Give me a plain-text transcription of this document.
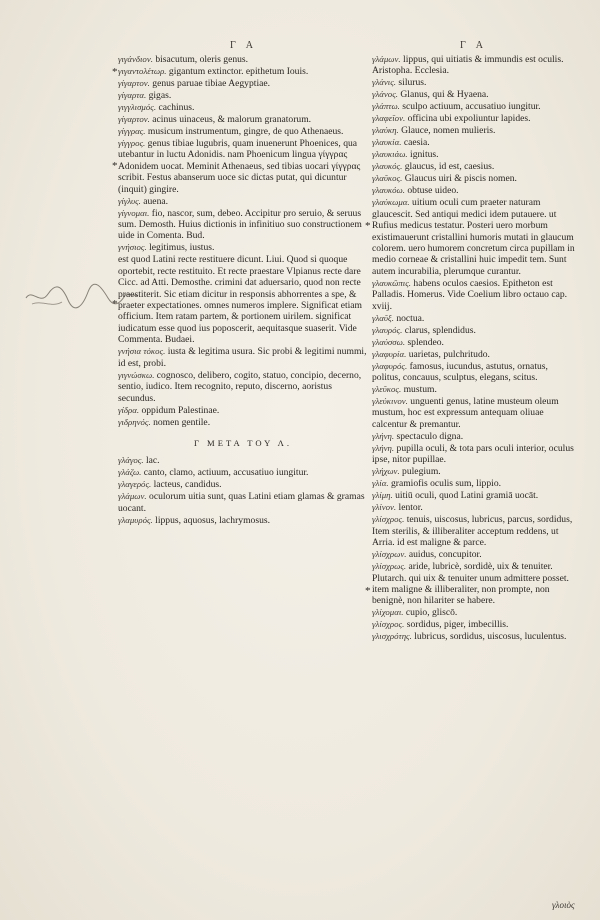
Γ Α	Γ Α
*
*
*
*
*
γιγάνδιον. bisacutum, oleris genus.
γιγαντολέτωρ. gigantum extinctor. epithetum Iouis.
γίγαρτον. genus paruae tibiae Aegyptiae.
γίγαρτα. gigas.
γιγγλισμός. cachinus.
γίγαρτον. acinus uinaceus, & malorum granatorum.
γίγγρας. musicum instrumentum, gingre, de quo Athenaeus.
γίγγρος. genus tibiae lugubris, quam inuenerunt Phoenices, qua utebantur in luctu Adonidis. nam Phoenicum lingua γίγγρας Adonidem uocat. Meminit Athenaeus, sed tibias uocari γίγγρας scribit. Festus abanserum uoce sic dictas putat, qui dicuntur (inquit) gingire.
γίγλυς. auena.
γίγνομαι. fio, nascor, sum, debeo. Accipitur pro seruio, & seruus sum. Demosth. Huius dictionis in infinitiuo suo constructionem uide in Comenta. Bud.
γνήσιος. legitimus, iustus.
est quod Latini recte restituere dicunt. Liui. Quod si quoque oportebit, recte restituito. Et recte praestare Vlpianus recte dare Cicc. ad Atti. Demosthe. crimini dat aduersario, quod non recte praestiterit. Sic etiam dicitur in responsis abhorrentes a spe, & praeter expectationes. omnes numeros implere. Significat etiam officium. Item ratam partem, & portionem uirilem. significat iudicatum esse quod ius poposcerit, aequitasque suaserit. Vide Commenta. Budaei.
γνήσια τόκος. iusta & legitima usura. Sic probi & legitimi nummi, id est, probi.
γιγνώσκω. cognosco, delibero, cogito, statuo, concipio, decerno, sentio, iudico. Item recognito, reputo, discerno, aoristus secundus.
γίδρα. oppidum Palestinae.
γιδρηνός. nomen gentile.
Γ ΜΕΤΑ ΤΟΥ Λ.
γλάγος. lac.
γλάζω. canto, clamo, actiuum, accusatiuo iungitur.
γλαγερός. lacteus, candidus.
γλάμων. oculorum uitia sunt, quas Latini etiam glamas & gramas uocant.
γλαμυρός. lippus, aquosus, lachrymosus.
γλάμων. lippus, qui uitiatis & immundis est oculis. Aristopha. Ecclesia.
γλάνις. silurus.
γλάνος. Glanus, qui & Hyaena.
γλάπτω. sculpo actiuum, accusatiuo iungitur.
γλαφεῖον. officina ubi expoliuntur lapides.
γλαύκη. Glauce, nomen mulieris.
γλαυκία. caesia.
γλαυκιάω. ignitus.
γλαυκός. glaucus, id est, caesius.
γλαῦκος. Glaucus uiri & piscis nomen.
γλαυκόω. obtuse uideo.
γλαύκωμα. uitium oculi cum praeter naturam glaucescit. Sed antiqui medici idem putauere. ut Rufius medicus testatur. Posteri uero morbum existimauerunt cristallini humoris mutati in glaucum colorem. uero humorem concretum circa pupillam in medio corneae & cristallini huic impedit tem. Sunt autem incurabilia, plerumque curantur.
γλαυκῶπις. habens oculos caesios. Epitheton est Palladis. Homerus. Vide Coelium libro octauo cap. xviij.
γλαῦξ. noctua.
γλαυρός. clarus, splendidus.
γλαύσσω. splendeo.
γλαφυρία. uarietas, pulchritudo.
γλαφυρός. famosus, iucundus, astutus, ornatus, politus, concauus, sculptus, elegans, scitus.
γλεῦκος. mustum.
γλεύκινον. unguenti genus, latine musteum oleum mustum, hoc est expressum antequam oliuae calcentur & premantur.
γλήνη. spectaculo digna.
γλήνη. pupilla oculi, & tota pars oculi interior, oculus ipse, nitor pupillae.
γλήχων. pulegium.
γλία. gramiofis oculis sum, lippio.
γλίμη. uitiū oculi, quod Latini gramiā uocāt.
γλίνον. lentor.
γλίσχρος. tenuis, uiscosus, lubricus, parcus, sordidus, Item sterilis, & illiberaliter acceptum reddens, ut Arria. id est maligne & parce.
γλίσχρων. auidus, concupitor.
γλίσχρως. aride, lubricè, sordidè, uix & tenuiter. Plutarch. qui uix & tenuiter unum admittere posset. item maligne & illiberaliter, non prompte, non benignè, non hilariter se habere.
γλίχομαι. cupio, gliscō.
γλίσχρος. sordidus, piger, imbecillis.
γλισχρότης. lubricus, sordidus, uiscosus, luculentus.
γλοιὸς
